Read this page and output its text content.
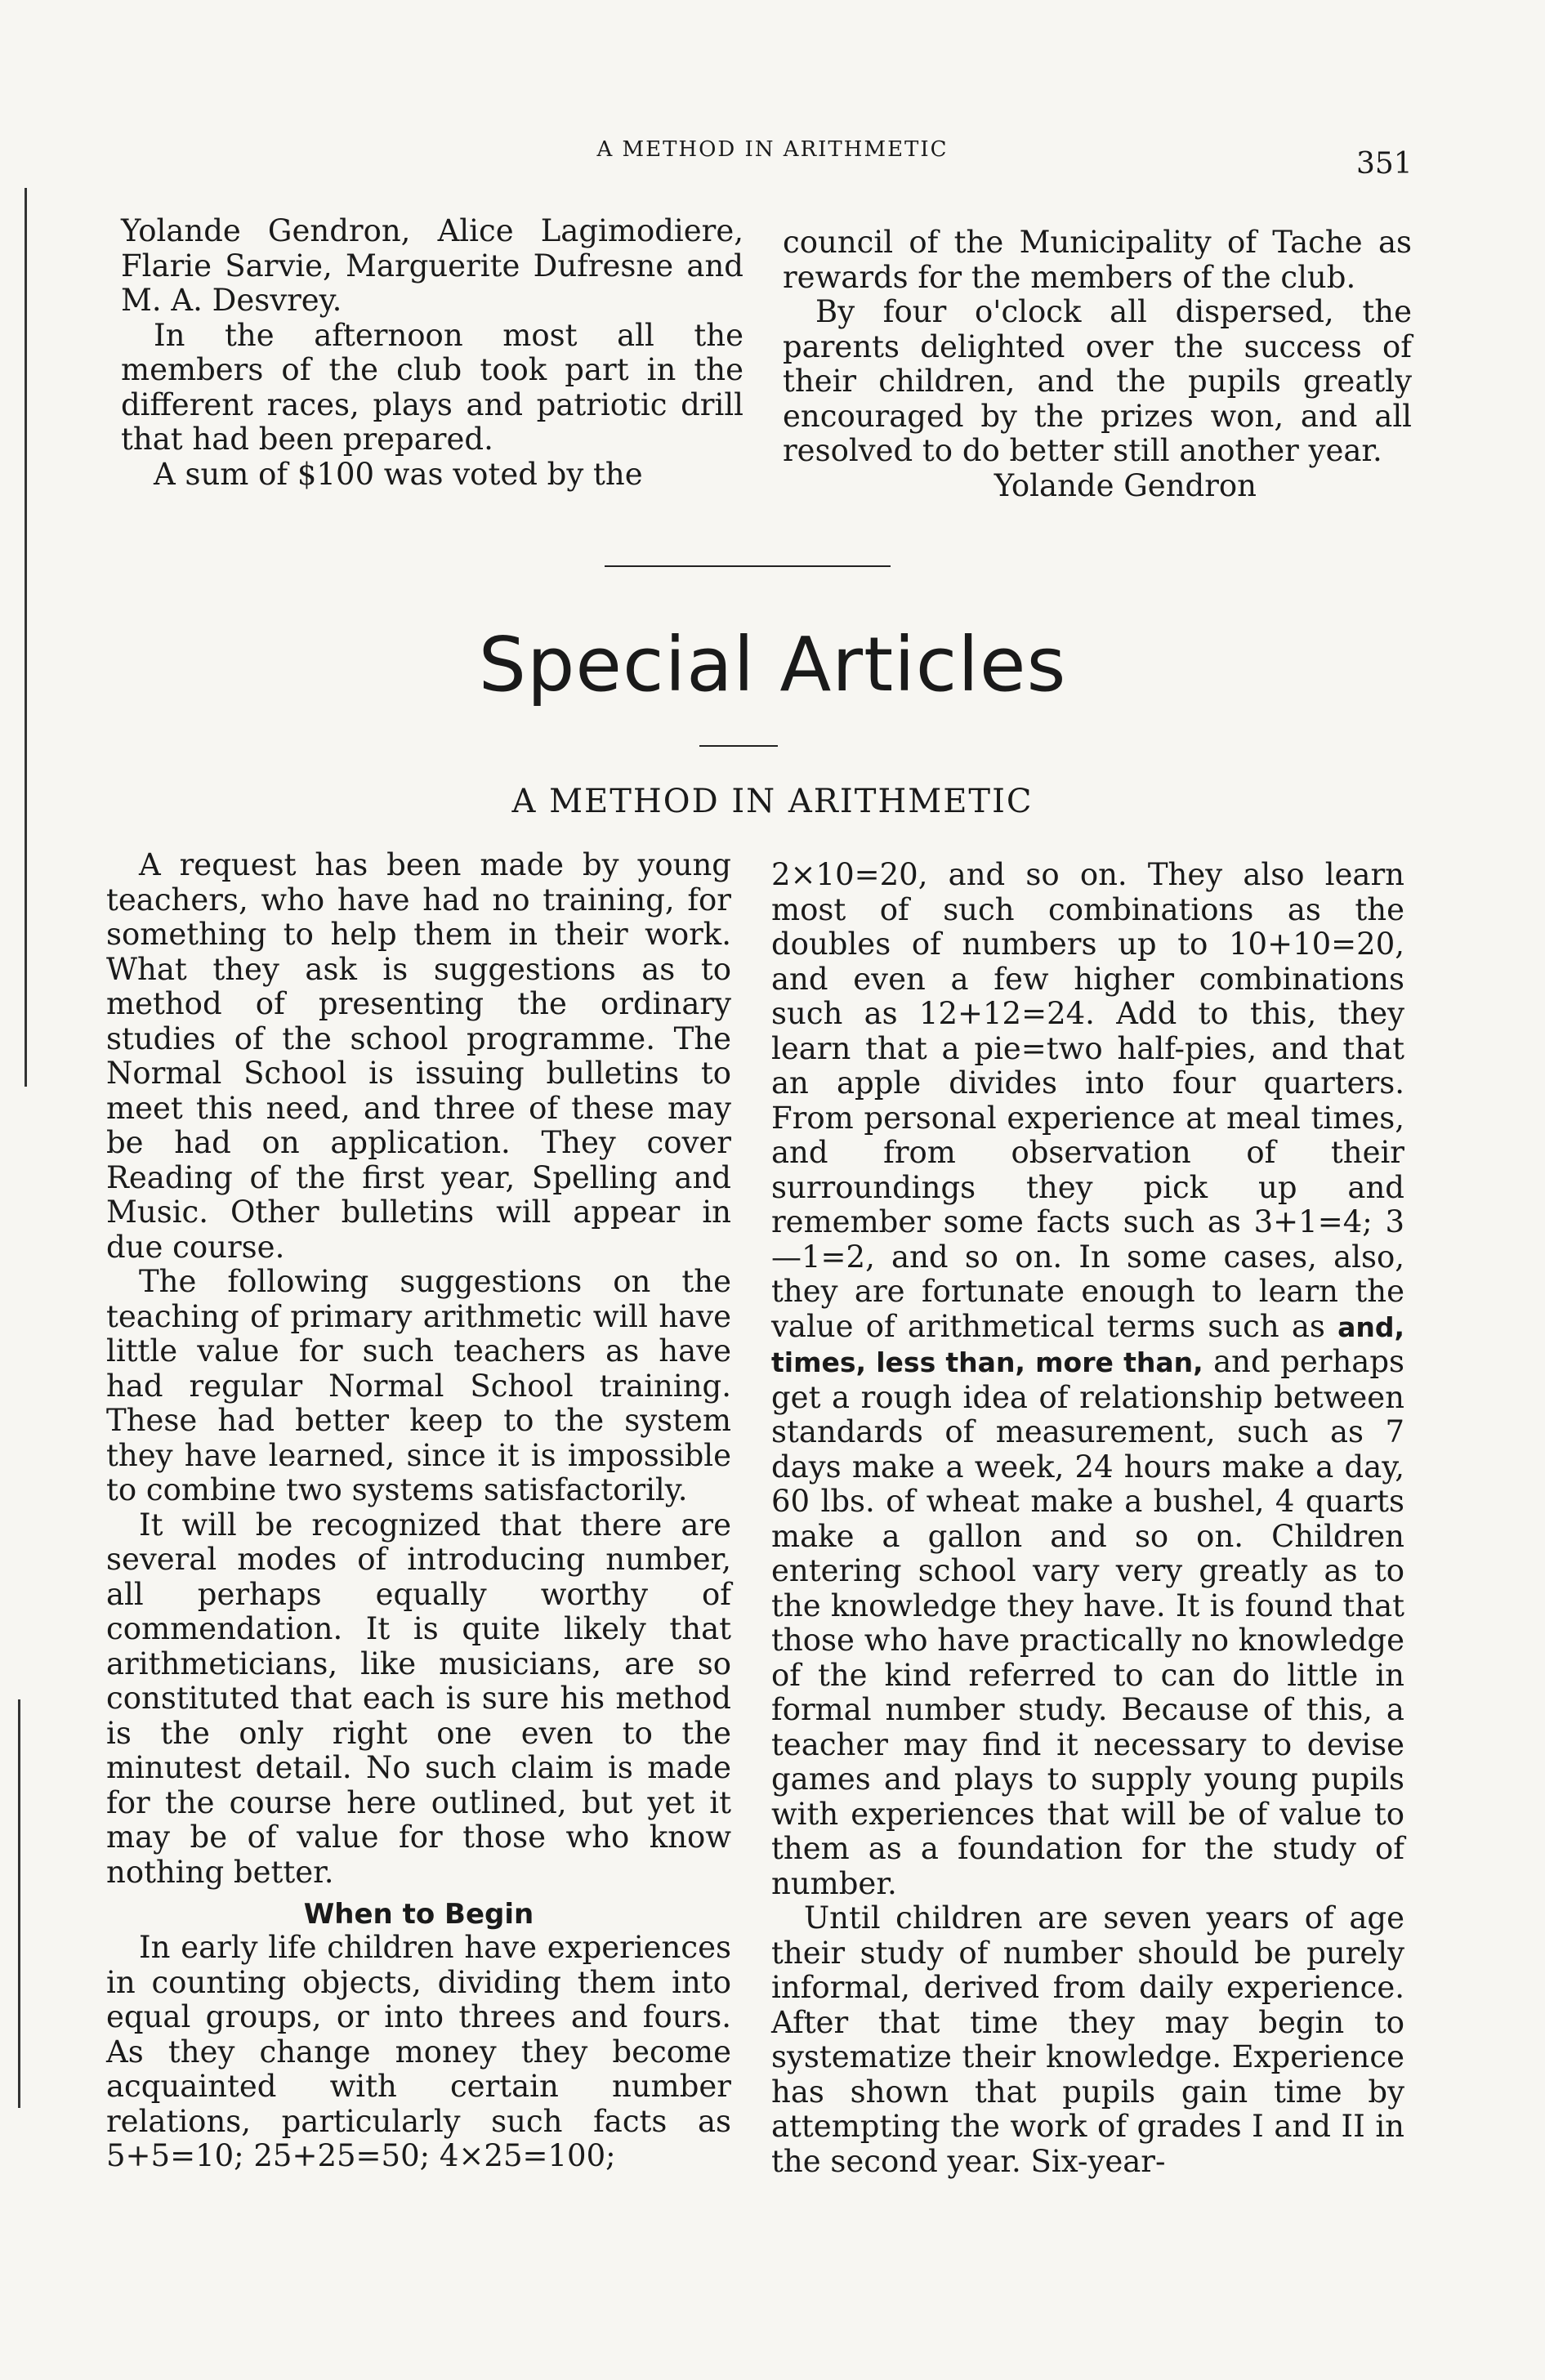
A METHOD IN ARITHMETIC	351

Yolande Gendron, Alice Lagimodiere, Flarie Sarvie, Marguerite Dufresne and M. A. Desvrey.

In the afternoon most all the members of the club took part in the different races, plays and patriotic drill that had been prepared.

A sum of $100 was voted by the

council of the Municipality of Tache as rewards for the members of the club.

By four o'clock all dispersed, the parents delighted over the success of their children, and the pupils greatly encouraged by the prizes won, and all resolved to do better still another year.

Yolande Gendron

Special Articles
A METHOD IN ARITHMETIC

A request has been made by young teachers, who have had no training, for something to help them in their work. What they ask is suggestions as to method of presenting the ordinary studies of the school programme. The Normal School is issuing bulletins to meet this need, and three of these may be had on application. They cover Reading of the first year, Spelling and Music. Other bulletins will appear in due course.

The following suggestions on the teaching of primary arithmetic will have little value for such teachers as have had regular Normal School training. These had better keep to the system they have learned, since it is impossible to combine two systems satisfactorily.

It will be recognized that there are several modes of introducing number, all perhaps equally worthy of commendation. It is quite likely that arithmeticians, like musicians, are so constituted that each is sure his method is the only right one even to the minutest detail. No such claim is made for the course here outlined, but yet it may be of value for those who know nothing better.

When to Begin

In early life children have experiences in counting objects, dividing them into equal groups, or into threes and fours. As they change money they become acquainted with certain number relations, particularly such facts as 5+5=10; 25+25=50; 4×25=100;

2×10=20, and so on. They also learn most of such combinations as the doubles of numbers up to 10+10=20, and even a few higher combinations such as 12+12=24. Add to this, they learn that a pie=two half-pies, and that an apple divides into four quarters. From personal experience at meal times, and from observation of their surroundings they pick up and remember some facts such as 3+1=4; 3—1=2, and so on. In some cases, also, they are fortunate enough to learn the value of arithmetical terms such as and, times, less than, more than, and perhaps get a rough idea of relationship between standards of measurement, such as 7 days make a week, 24 hours make a day, 60 lbs. of wheat make a bushel, 4 quarts make a gallon and so on. Children entering school vary very greatly as to the knowledge they have. It is found that those who have practically no knowledge of the kind referred to can do little in formal number study. Because of this, a teacher may find it necessary to devise games and plays to supply young pupils with experiences that will be of value to them as a foundation for the study of number.

Until children are seven years of age their study of number should be purely informal, derived from daily experience. After that time they may begin to systematize their knowledge. Experience has shown that pupils gain time by attempting the work of grades I and II in the second year. Six-year-
